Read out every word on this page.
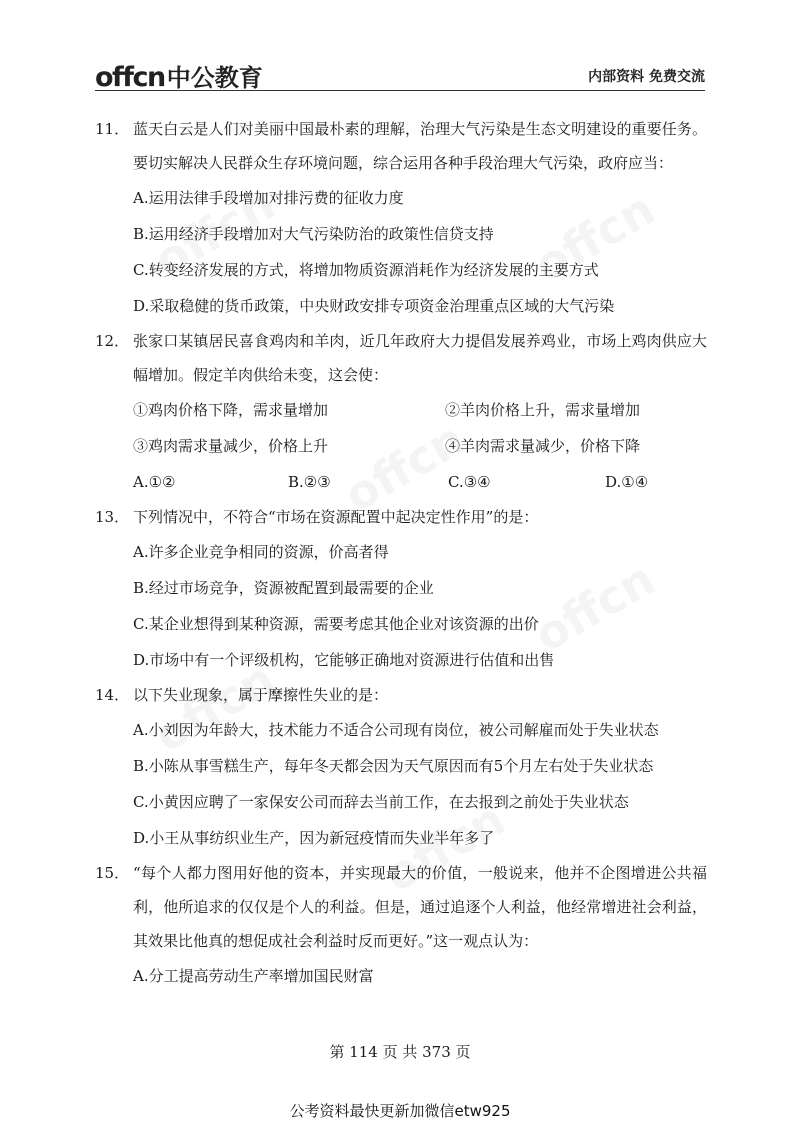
offcn 中公教育	内部资料 免费交流
11． 蓝天白云是人们对美丽中国最朴素的理解，治理大气污染是生态文明建设的重要任务。要切实解决人民群众生存环境问题，综合运用各种手段治理大气污染，政府应当：
A.运用法律手段增加对排污费的征收力度
B.运用经济手段增加对大气污染防治的政策性信贷支持
C.转变经济发展的方式，将增加物质资源消耗作为经济发展的主要方式
D.采取稳健的货币政策，中央财政安排专项资金治理重点区域的大气污染
12． 张家口某镇居民喜食鸡肉和羊肉，近几年政府大力提倡发展养鸡业，市场上鸡肉供应大幅增加。假定羊肉供给未变，这会使：
①鸡肉价格下降，需求量增加	②羊肉价格上升，需求量增加
③鸡肉需求量减少，价格上升	④羊肉需求量减少，价格下降
A.①②	B.②③	C.③④	D.①④
13． 下列情况中，不符合“市场在资源配置中起决定性作用”的是：
A.许多企业竞争相同的资源，价高者得
B.经过市场竞争，资源被配置到最需要的企业
C.某企业想得到某种资源，需要考虑其他企业对该资源的出价
D.市场中有一个评级机构，它能够正确地对资源进行估值和出售
14． 以下失业现象，属于摩擦性失业的是：
A.小刘因为年龄大，技术能力不适合公司现有岗位，被公司解雇而处于失业状态
B.小陈从事雪糕生产，每年冬天都会因为天气原因而有5个月左右处于失业状态
C.小黄因应聘了一家保安公司而辞去当前工作，在去报到之前处于失业状态
D.小王从事纺织业生产，因为新冠疫情而失业半年多了
15． “每个人都力图用好他的资本，并实现最大的价值，一般说来，他并不企图增进公共福利，他所追求的仅仅是个人的利益。但是，通过追逐个人利益，他经常增进社会利益，其效果比他真的想促成社会利益时反而更好。”这一观点认为：
A.分工提高劳动生产率增加国民财富
第 114 页 共 373 页
公考资料最快更新加微信etw925
